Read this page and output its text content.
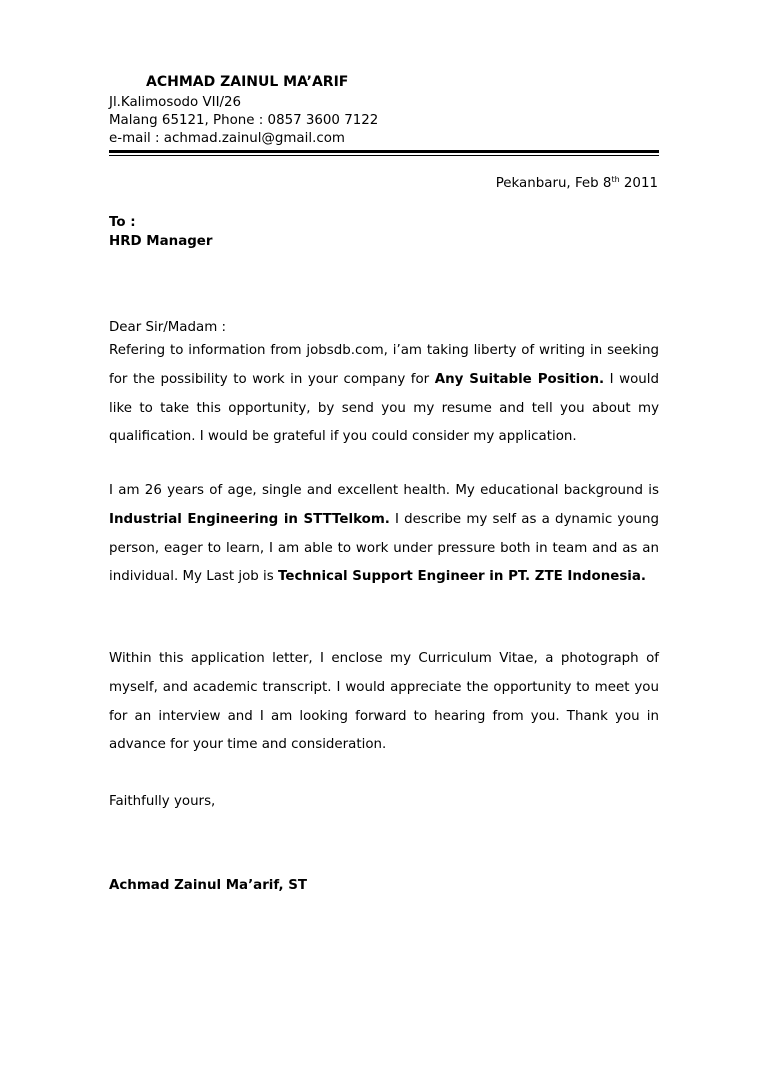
ACHMAD ZAINUL MA’ARIF
Jl.Kalimosodo VII/26
Malang 65121, Phone : 0857 3600 7122
e-mail : achmad.zainul@gmail.com
Pekanbaru, Feb 8th 2011
To :
HRD Manager
Dear Sir/Madam :
Refering to information from jobsdb.com, i’am taking liberty of writing in seeking for the possibility to work in your company for Any Suitable Position. I would like to take this opportunity, by send you my resume and tell you about my qualification. I would be grateful if you could consider my application.
I am 26 years of age, single and excellent health. My educational background is Industrial Engineering in STTTelkom. I describe my self as a dynamic young person, eager to learn, I am able to work under pressure both in team and as an individual. My Last job is Technical Support Engineer in PT. ZTE Indonesia.
Within this application letter, I enclose my Curriculum Vitae, a photograph of myself, and academic transcript. I would appreciate the opportunity to meet you for an interview and I am looking forward to hearing from you. Thank you in advance for your time and consideration.
Faithfully yours,
Achmad Zainul Ma’arif, ST
